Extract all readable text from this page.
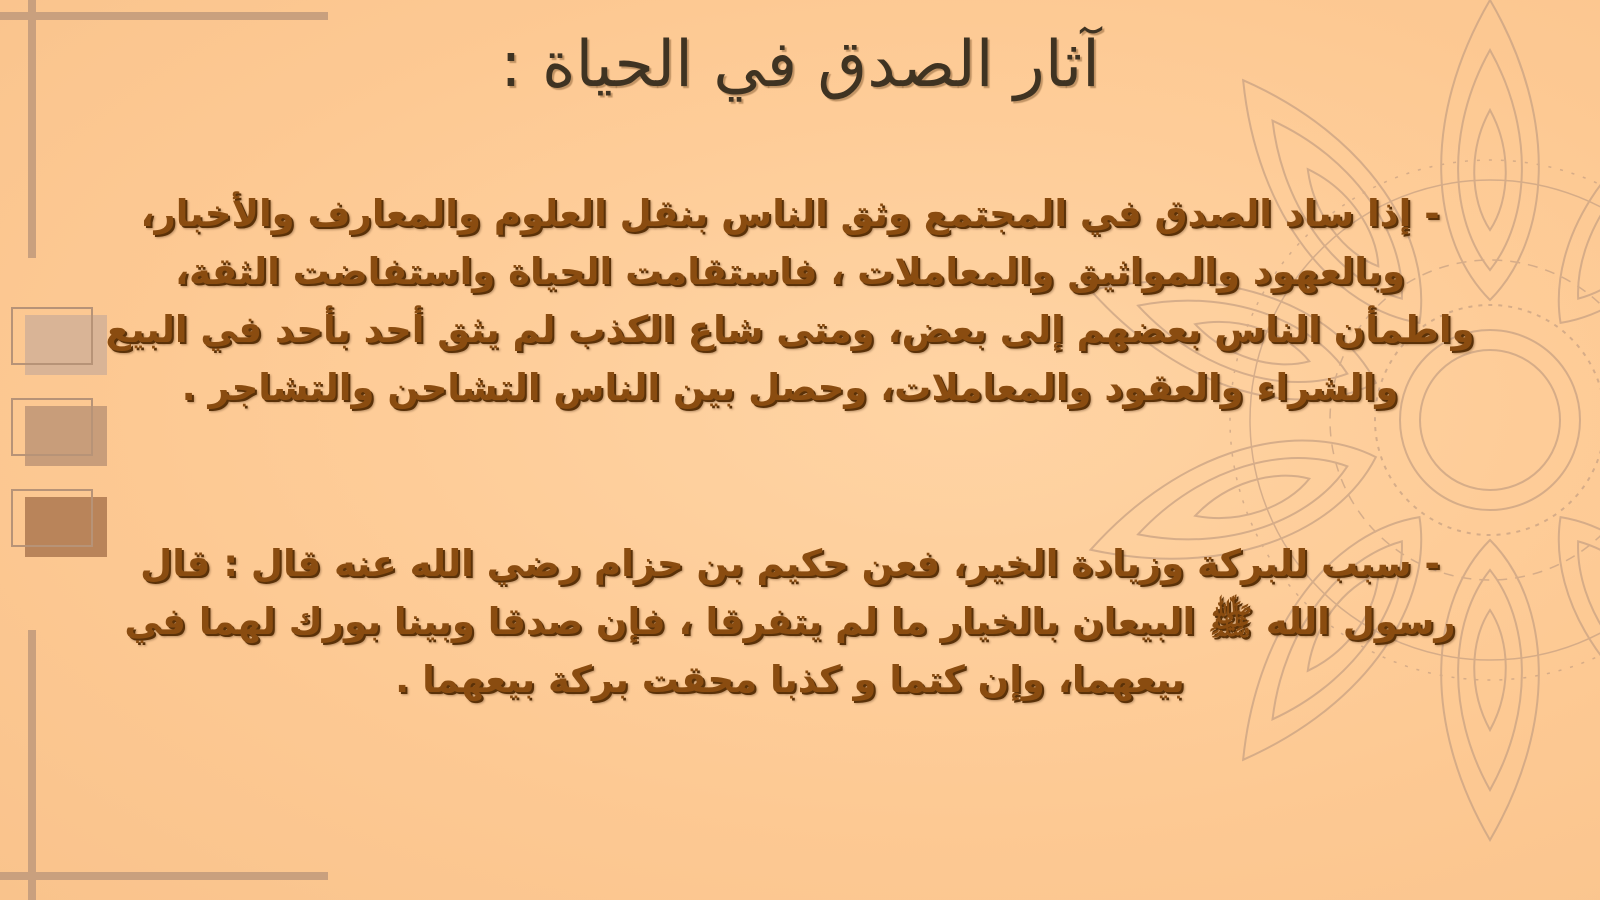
آثار الصدق في الحياة :
- إذا ساد الصدق في المجتمع وثق الناس بنقل العلوم والمعارف والأخبار، وبالعهود والمواثيق والمعاملات ، فاستقامت الحياة واستفاضت الثقة، واطمأن الناس بعضهم إلى بعض، ومتى شاع الكذب لم يثق أحد بأحد في البيع والشراء والعقود والمعاملات، وحصل بين الناس التشاحن والتشاجر .
- سبب للبركة وزيادة الخير، فعن حكيم بن حزام رضي الله عنه قال : قال رسول الله ﷺ البيعان بالخيار ما لم يتفرقا ، فإن صدقا وبينا بورك لهما في بيعهما، وإن كتما و كذبا محقت بركة بيعهما .
